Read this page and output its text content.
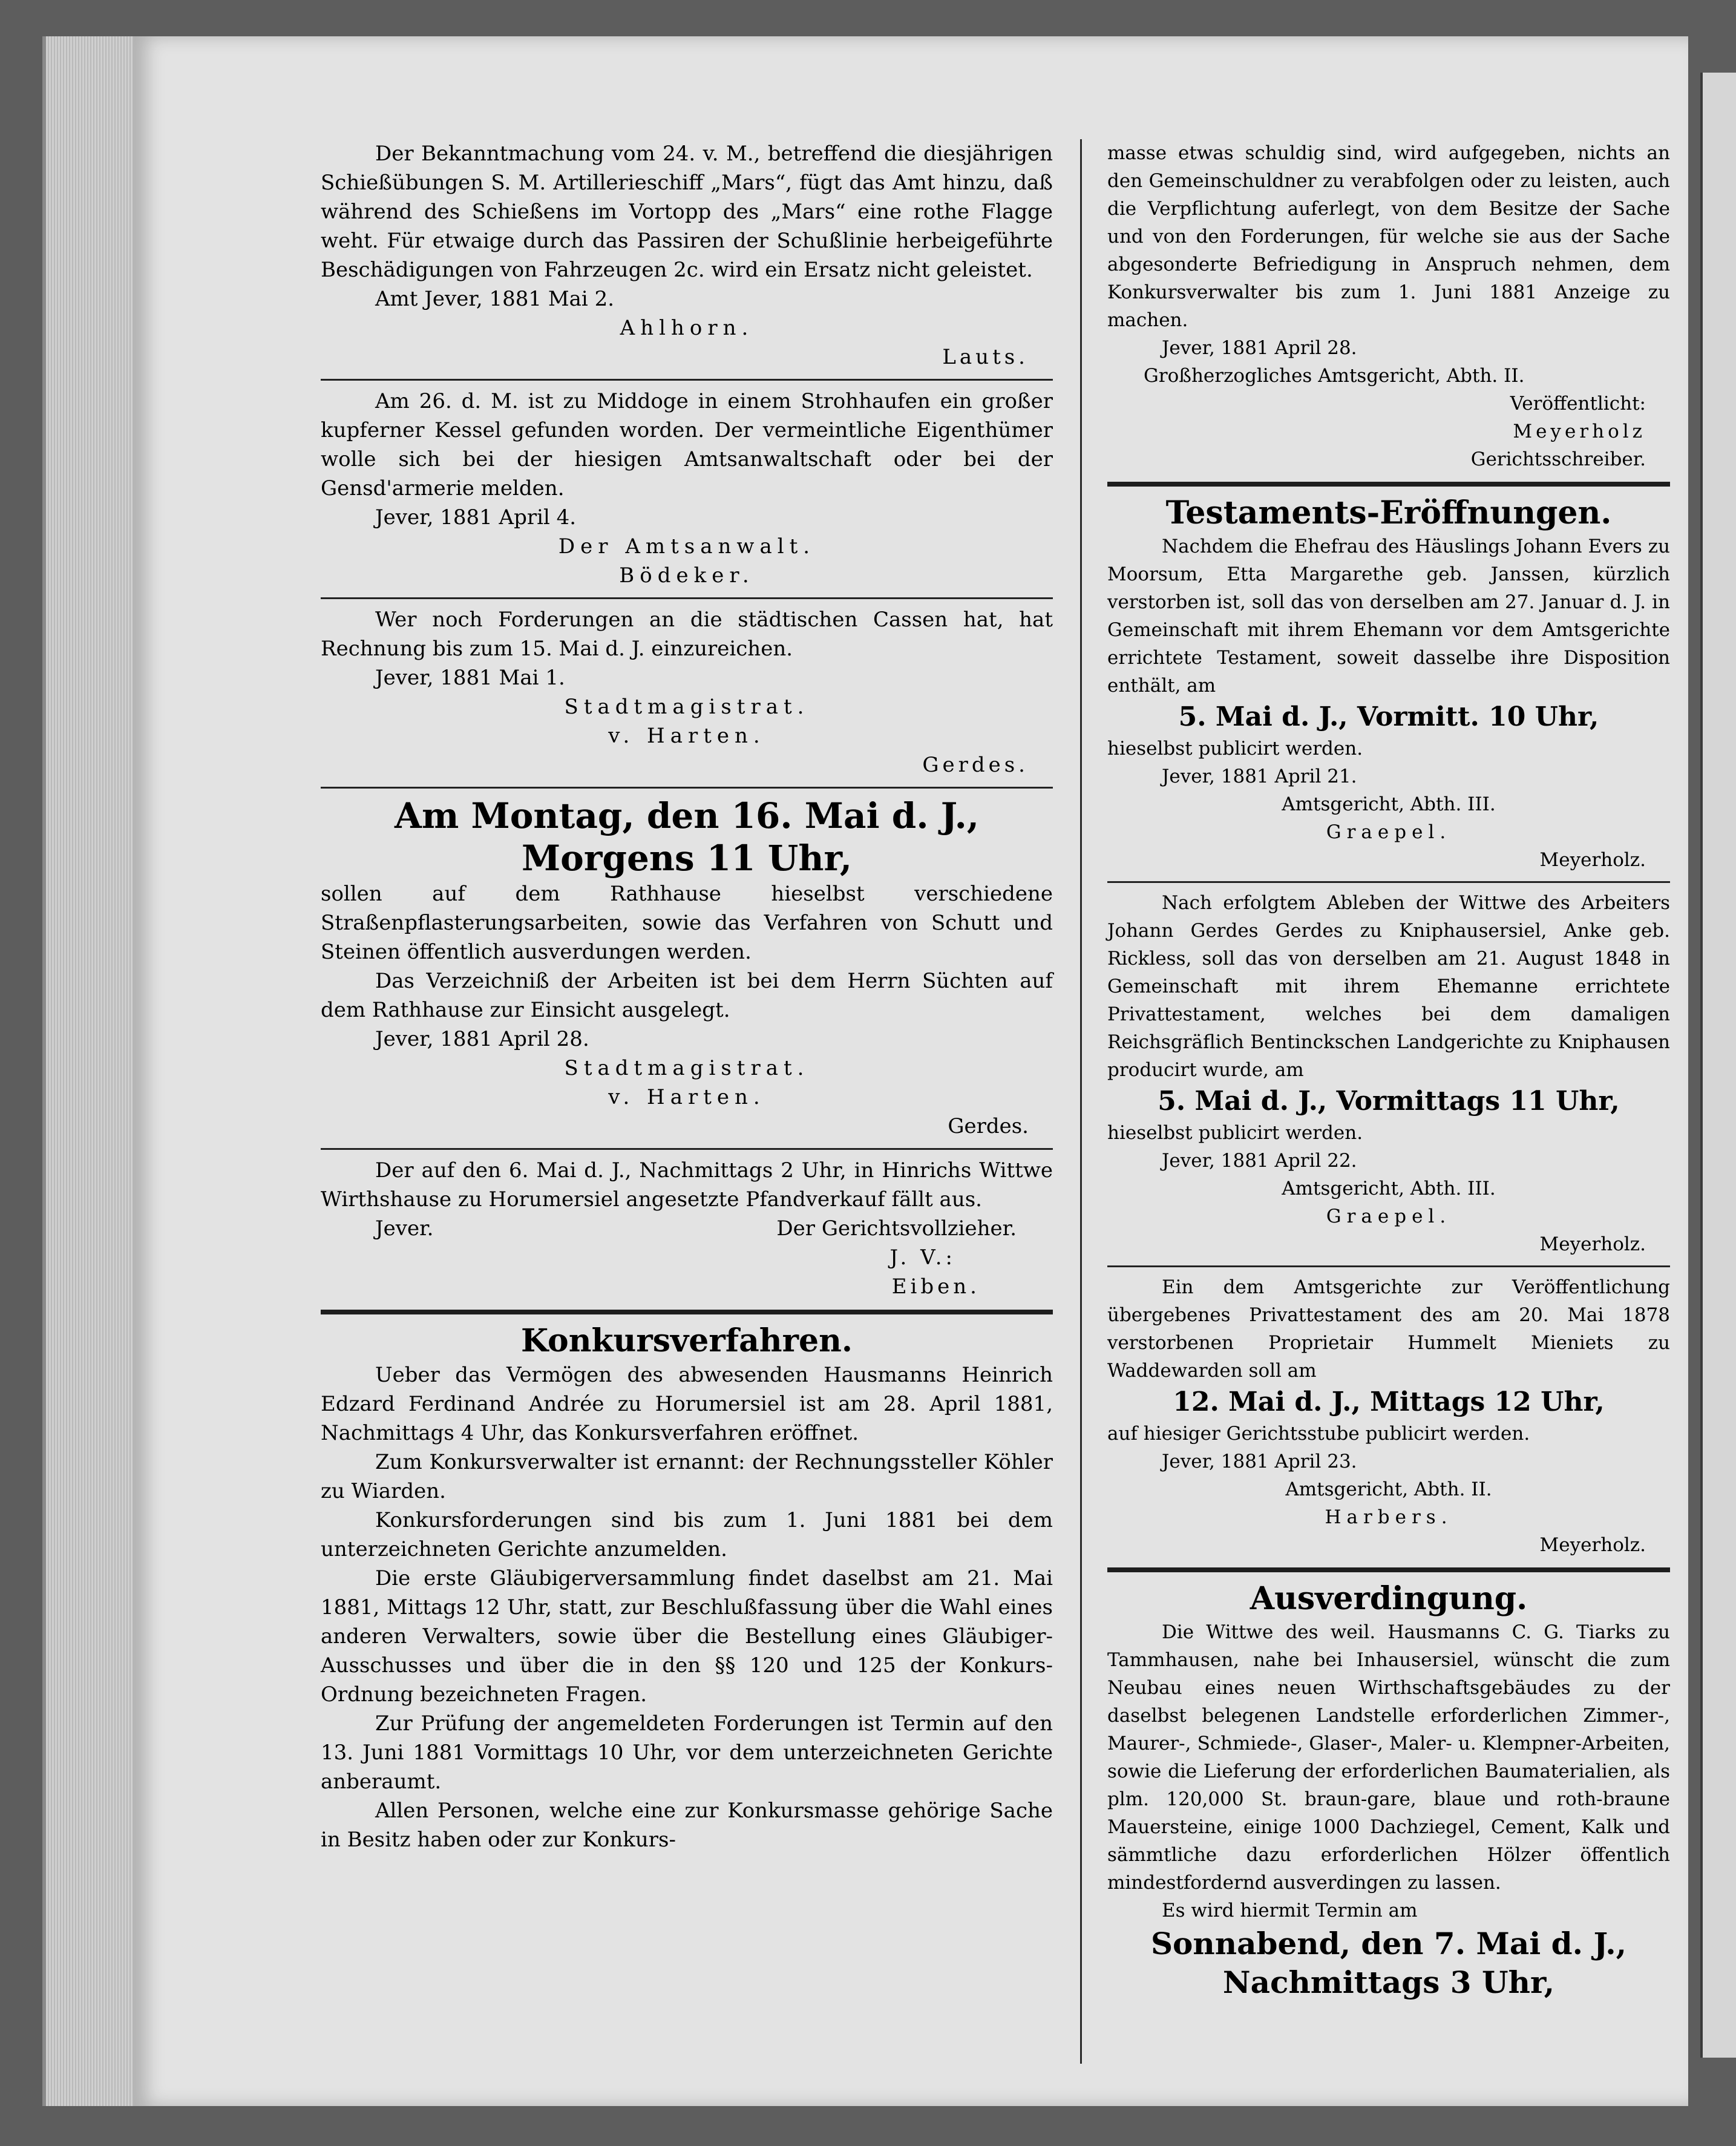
Der Bekanntmachung vom 24. v. M., betreffend die diesjährigen Schießübungen S. M. Artillerieschiff „Mars“, fügt das Amt hinzu, daß während des Schießens im Vortopp des „Mars“ eine rothe Flagge weht. Für etwaige durch das Passiren der Schußlinie herbeigeführte Beschädigungen von Fahrzeugen 2c. wird ein Ersatz nicht geleistet.

Amt Jever, 1881 Mai 2.
Ahlhorn.
Lauts.

Am 26. d. M. ist zu Middoge in einem Strohhaufen ein großer kupferner Kessel gefunden worden. Der vermeintliche Eigenthümer wolle sich bei der hiesigen Amtsanwaltschaft oder bei der Gensd'armerie melden.

Jever, 1881 April 4.
Der Amtsanwalt.
Bödeker.

Wer noch Forderungen an die städtischen Cassen hat, hat Rechnung bis zum 15. Mai d. J. einzureichen.

Jever, 1881 Mai 1.
Stadtmagistrat.
v. Harten.
Gerdes.
Am Montag, den 16. Mai d. J.,
Morgens 11 Uhr,

sollen auf dem Rathhause hieselbst verschiedene Straßenpflasterungsarbeiten, sowie das Verfahren von Schutt und Steinen öffentlich ausverdungen werden.

Das Verzeichniß der Arbeiten ist bei dem Herrn Süchten auf dem Rathhause zur Einsicht ausgelegt.

Jever, 1881 April 28.
Stadtmagistrat.
v. Harten.
Gerdes.

Der auf den 6. Mai d. J., Nachmittags 2 Uhr, in Hinrichs Wittwe Wirthshause zu Horumersiel angesetzte Pfandverkauf fällt aus.

Jever.	Der Gerichtsvollzieher.
J. V.:
Eiben.
Konkursverfahren.

Ueber das Vermögen des abwesenden Hausmanns Heinrich Edzard Ferdinand Andrée zu Horumersiel ist am 28. April 1881, Nachmittags 4 Uhr, das Konkursverfahren eröffnet.

Zum Konkursverwalter ist ernannt: der Rechnungssteller Köhler zu Wiarden.

Konkursforderungen sind bis zum 1. Juni 1881 bei dem unterzeichneten Gerichte anzumelden.

Die erste Gläubigerversammlung findet daselbst am 21. Mai 1881, Mittags 12 Uhr, statt, zur Beschlußfassung über die Wahl eines anderen Verwalters, sowie über die Bestellung eines Gläubiger-Ausschusses und über die in den §§ 120 und 125 der Konkurs-Ordnung bezeichneten Fragen.

Zur Prüfung der angemeldeten Forderungen ist Termin auf den 13. Juni 1881 Vormittags 10 Uhr, vor dem unterzeichneten Gerichte anberaumt.

Allen Personen, welche eine zur Konkursmasse gehörige Sache in Besitz haben oder zur Konkurs-

masse etwas schuldig sind, wird aufgegeben, nichts an den Gemeinschuldner zu verabfolgen oder zu leisten, auch die Verpflichtung auferlegt, von dem Besitze der Sache und von den Forderungen, für welche sie aus der Sache abgesonderte Befriedigung in Anspruch nehmen, dem Konkursverwalter bis zum 1. Juni 1881 Anzeige zu machen.

Jever, 1881 April 28.
Großherzogliches Amtsgericht, Abth. II.
Veröffentlicht:
Meyerholz
Gerichtsschreiber.
Testaments-Eröffnungen.

Nachdem die Ehefrau des Häuslings Johann Evers zu Moorsum, Etta Margarethe geb. Janssen, kürzlich verstorben ist, soll das von derselben am 27. Januar d. J. in Gemeinschaft mit ihrem Ehemann vor dem Amtsgerichte errichtete Testament, soweit dasselbe ihre Disposition enthält, am

5. Mai d. J., Vormitt. 10 Uhr,

hieselbst publicirt werden.

Jever, 1881 April 21.
Amtsgericht, Abth. III.
Graepel.
Meyerholz.

Nach erfolgtem Ableben der Wittwe des Arbeiters Johann Gerdes Gerdes zu Kniphausersiel, Anke geb. Rickless, soll das von derselben am 21. August 1848 in Gemeinschaft mit ihrem Ehemanne errichtete Privattestament, welches bei dem damaligen Reichsgräflich Bentinckschen Landgerichte zu Kniphausen producirt wurde, am

5. Mai d. J., Vormittags 11 Uhr,

hieselbst publicirt werden.

Jever, 1881 April 22.
Amtsgericht, Abth. III.
Graepel.
Meyerholz.

Ein dem Amtsgerichte zur Veröffentlichung übergebenes Privattestament des am 20. Mai 1878 verstorbenen Proprietair Hummelt Mieniets zu Waddewarden soll am

12. Mai d. J., Mittags 12 Uhr,

auf hiesiger Gerichtsstube publicirt werden.

Jever, 1881 April 23.
Amtsgericht, Abth. II.
Harbers.
Meyerholz.
Ausverdingung.

Die Wittwe des weil. Hausmanns C. G. Tiarks zu Tammhausen, nahe bei Inhausersiel, wünscht die zum Neubau eines neuen Wirthschaftsgebäudes zu der daselbst belegenen Landstelle erforderlichen Zimmer-, Maurer-, Schmiede-, Glaser-, Maler- u. Klempner-Arbeiten, sowie die Lieferung der erforderlichen Baumaterialien, als plm. 120,000 St. braun-gare, blaue und roth-braune Mauersteine, einige 1000 Dachziegel, Cement, Kalk und sämmtliche dazu erforderlichen Hölzer öffentlich mindestfordernd ausverdingen zu lassen.

Es wird hiermit Termin am

Sonnabend, den 7. Mai d. J.,
Nachmittags 3 Uhr,
